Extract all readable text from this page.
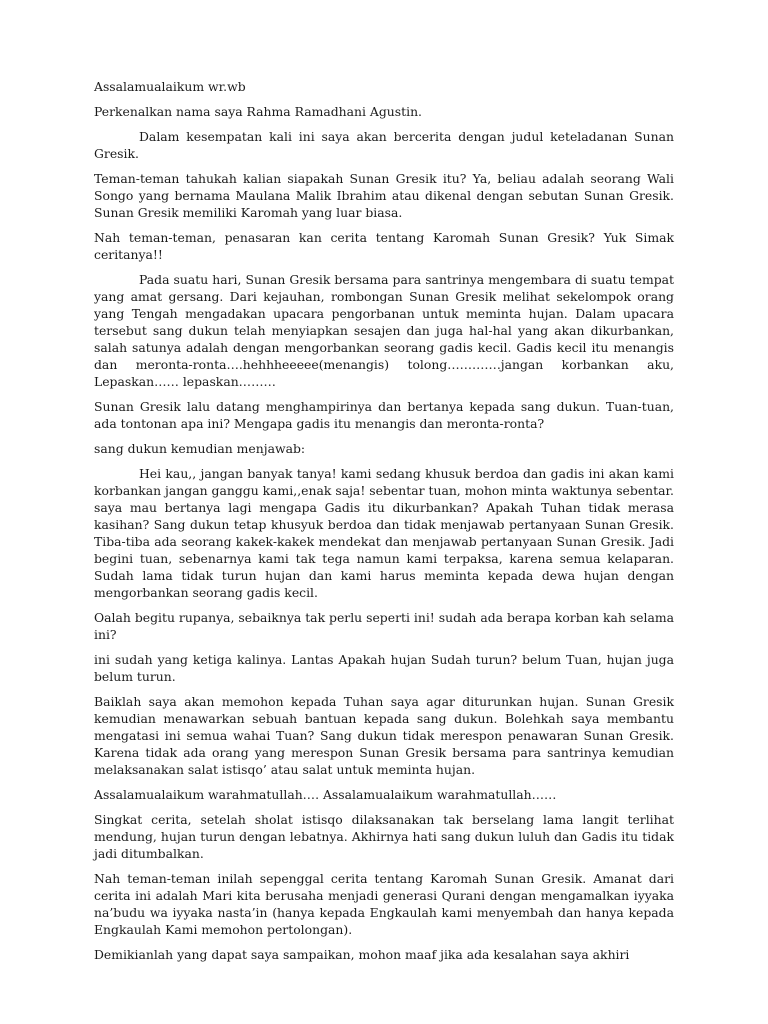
Assalamualaikum wr.wb

Perkenalkan nama saya Rahma Ramadhani Agustin.

Dalam kesempatan kali ini saya akan bercerita dengan judul keteladanan Sunan Gresik.

Teman-teman tahukah kalian siapakah Sunan Gresik itu? Ya, beliau adalah seorang Wali Songo yang bernama Maulana Malik Ibrahim atau dikenal dengan sebutan Sunan Gresik. Sunan Gresik memiliki Karomah yang luar biasa.

Nah teman-teman, penasaran kan cerita tentang Karomah Sunan Gresik? Yuk Simak ceritanya!!

Pada suatu hari, Sunan Gresik bersama para santrinya mengembara di suatu tempat yang amat gersang. Dari kejauhan, rombongan Sunan Gresik melihat sekelompok orang yang Tengah mengadakan upacara pengorbanan untuk meminta hujan. Dalam upacara tersebut sang dukun telah menyiapkan sesajen dan juga hal-hal yang akan dikurbankan, salah satunya adalah dengan mengorbankan seorang gadis kecil. Gadis kecil itu menangis dan meronta-ronta….hehhheeeee(menangis) tolong………….jangan korbankan aku, Lepaskan…… lepaskan………

Sunan Gresik lalu datang menghampirinya dan bertanya kepada sang dukun. Tuan-tuan, ada tontonan apa ini? Mengapa gadis itu menangis dan meronta-ronta?

sang dukun kemudian menjawab:

Hei kau,, jangan banyak tanya! kami sedang khusuk berdoa dan gadis ini akan kami korbankan jangan ganggu kami,,enak saja! sebentar tuan, mohon minta waktunya sebentar. saya mau bertanya lagi mengapa Gadis itu dikurbankan? Apakah Tuhan tidak merasa kasihan? Sang dukun tetap khusyuk berdoa dan tidak menjawab pertanyaan Sunan Gresik. Tiba-tiba ada seorang kakek-kakek mendekat dan menjawab pertanyaan Sunan Gresik. Jadi begini tuan, sebenarnya kami tak tega namun kami terpaksa, karena semua kelaparan. Sudah lama tidak turun hujan dan kami harus meminta kepada dewa hujan dengan mengorbankan seorang gadis kecil.

Oalah begitu rupanya, sebaiknya tak perlu seperti ini! sudah ada berapa korban kah selama ini?

ini sudah yang ketiga kalinya. Lantas Apakah hujan Sudah turun? belum Tuan, hujan juga belum turun.

Baiklah saya akan memohon kepada Tuhan saya agar diturunkan hujan. Sunan Gresik kemudian menawarkan sebuah bantuan kepada sang dukun. Bolehkah saya membantu mengatasi ini semua wahai Tuan? Sang dukun tidak merespon penawaran Sunan Gresik. Karena tidak ada orang yang merespon Sunan Gresik bersama para santrinya kemudian melaksanakan salat istisqo’ atau salat untuk meminta hujan.

Assalamualaikum warahmatullah…. Assalamualaikum warahmatullah……

Singkat cerita, setelah sholat istisqo dilaksanakan tak berselang lama langit terlihat mendung, hujan turun dengan lebatnya. Akhirnya hati sang dukun luluh dan Gadis itu tidak jadi ditumbalkan.

Nah teman-teman inilah sepenggal cerita tentang Karomah Sunan Gresik. Amanat dari cerita ini adalah Mari kita berusaha menjadi generasi Qurani dengan mengamalkan iyyaka na’budu wa iyyaka nasta’in (hanya kepada Engkaulah kami menyembah dan hanya kepada Engkaulah Kami memohon pertolongan).

Demikianlah yang dapat saya sampaikan, mohon maaf jika ada kesalahan saya akhiri
